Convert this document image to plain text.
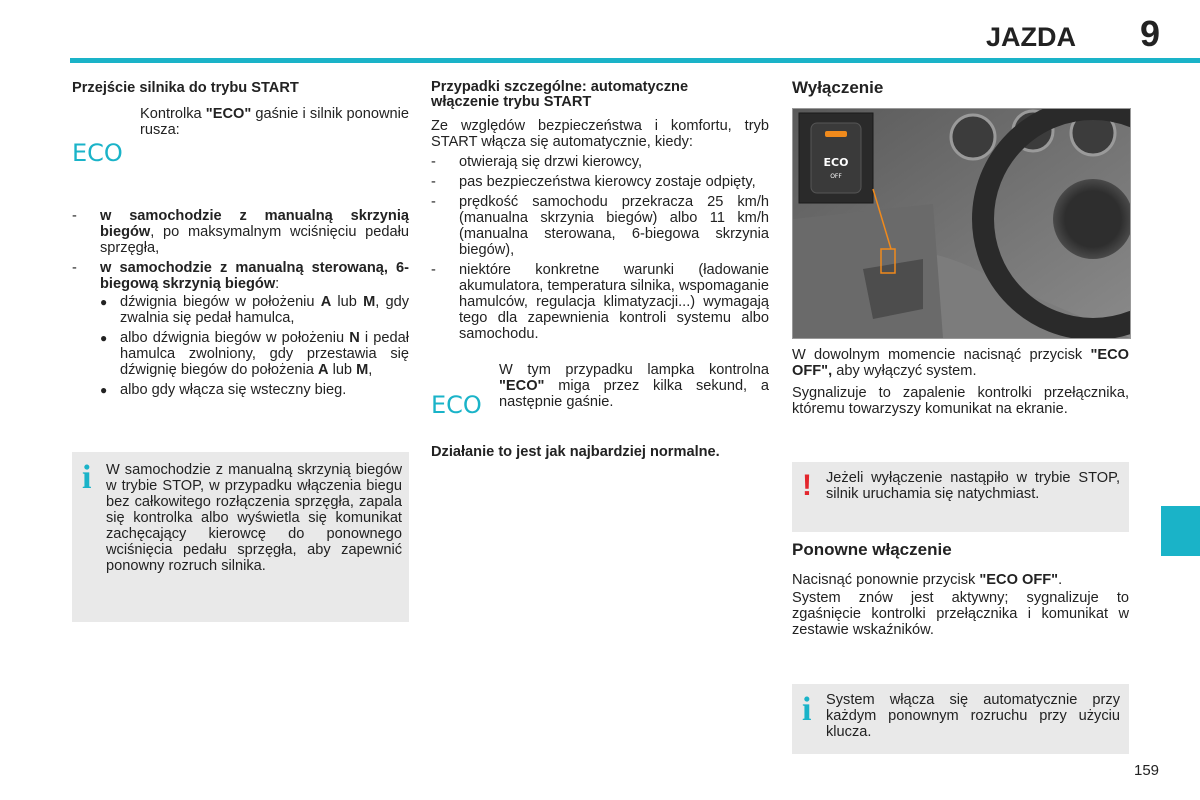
JAZDA 9
Przejście silnika do trybu START
ECO
Kontrolka "ECO" gaśnie i silnik ponownie rusza:
- w samochodzie z manualną skrzynią biegów, po maksymalnym wciśnięciu pedału sprzęgła,
- w samochodzie z manualną sterowaną, 6-biegową skrzynią biegów:
● dźwignia biegów w położeniu A lub M, gdy zwalnia się pedał hamulca,
● albo dźwignia biegów w położeniu N i pedał hamulca zwolniony, gdy przestawia się dźwignię biegów do położenia A lub M,
● albo gdy włącza się wsteczny bieg.
i W samochodzie z manualną skrzynią biegów w trybie STOP, w przypadku włączenia biegu bez całkowitego rozłączenia sprzęgła, zapala się kontrolka albo wyświetla się komunikat zachęcający kierowcę do ponownego wciśnięcia pedału sprzęgła, aby zapewnić ponowny rozruch silnika.
Przypadki szczególne: automatyczne włączenie trybu START

Ze względów bezpieczeństwa i komfortu, tryb START włącza się automatycznie, kiedy:

- otwierają się drzwi kierowcy,
- pas bezpieczeństwa kierowcy zostaje odpięty,
- prędkość samochodu przekracza 25 km/h (manualna skrzynia biegów) albo 11 km/h (manualna sterowana, 6-biegowa skrzynia biegów),
- niektóre konkretne warunki (ładowanie akumulatora, temperatura silnika, wspomaganie hamulców, regulacja klimatyzacji...) wymagają tego dla zapewnienia kontroli systemu albo samochodu.
ECO
W tym przypadku lampka kontrolna "ECO" miga przez kilka sekund, a następnie gaśnie.

Działanie to jest jak najbardziej normalne.

Wyłączenie
ECO
OFF

W dowolnym momencie nacisnąć przycisk "ECO OFF", aby wyłączyć system.

Sygnalizuje to zapalenie kontrolki przełącznika, któremu towarzyszy komunikat na ekranie.

! Jeżeli wyłączenie nastąpiło w trybie STOP, silnik uruchamia się natychmiast.
Ponowne włączenie

Nacisnąć ponownie przycisk "ECO OFF".

System znów jest aktywny; sygnalizuje to zgaśnięcie kontrolki przełącznika i komunikat w zestawie wskaźników.

i System włącza się automatycznie przy każdym ponownym rozruchu przy użyciu klucza.
159
